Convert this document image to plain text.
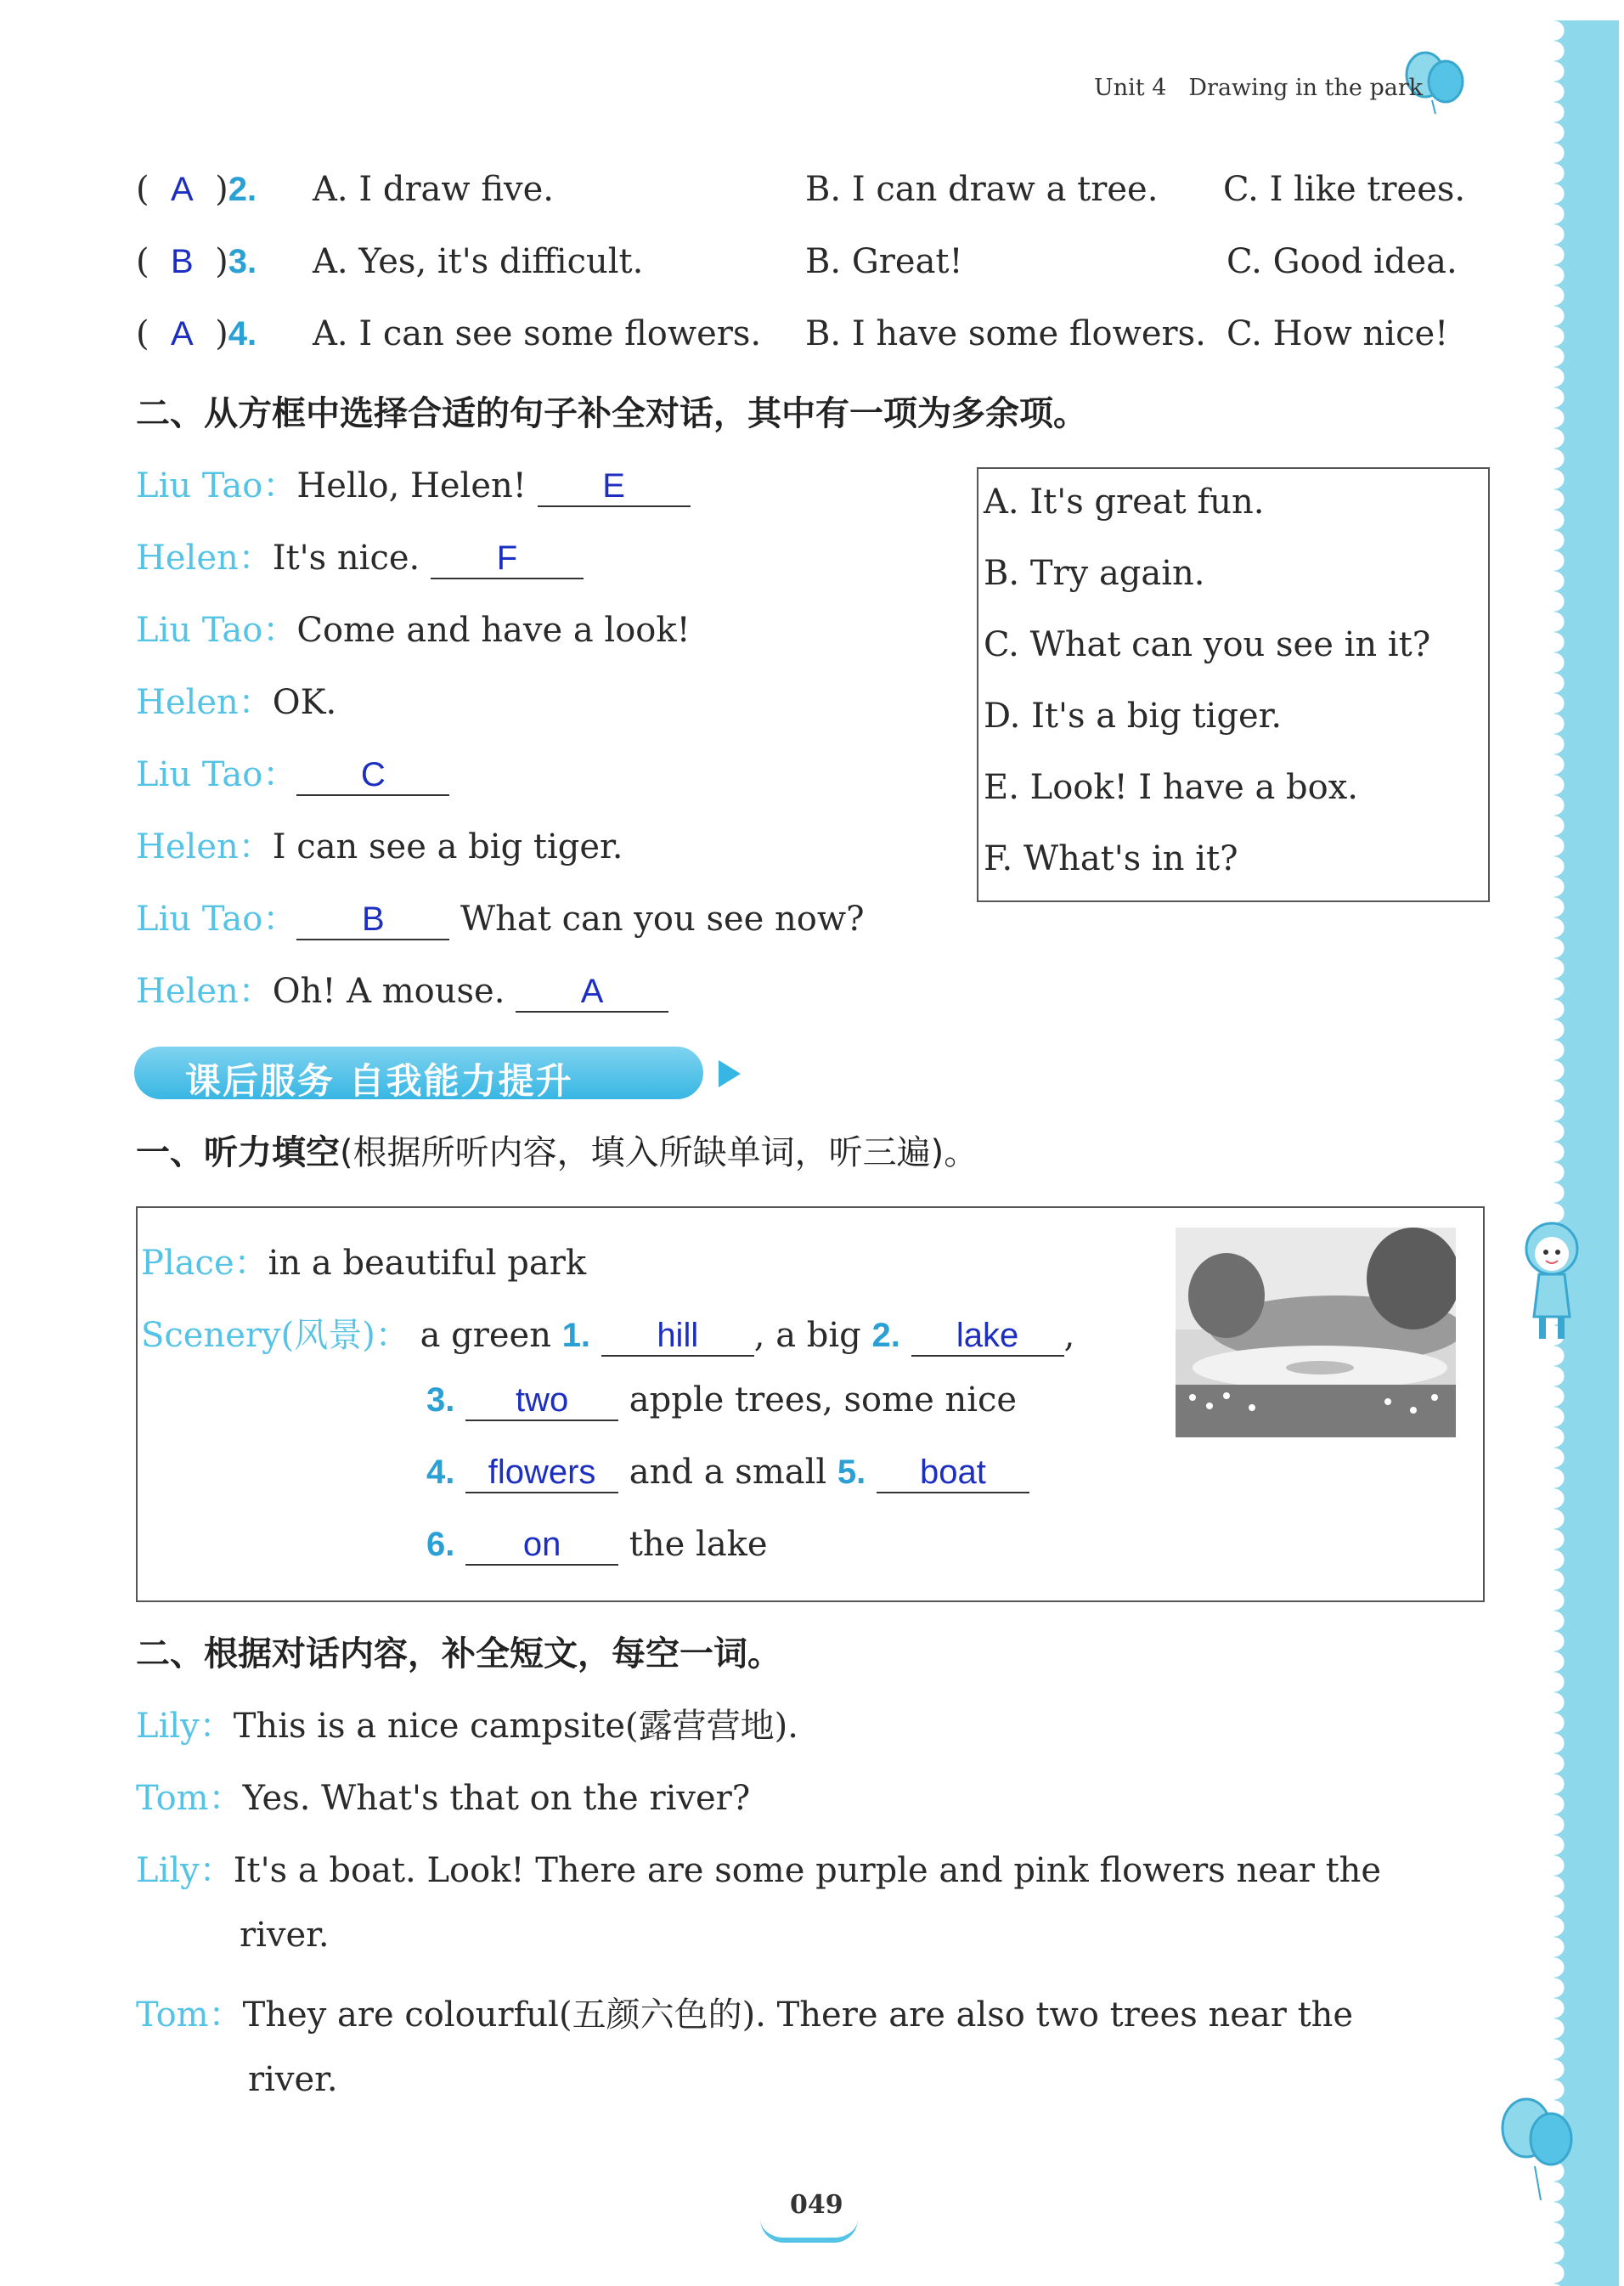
Unit 4 Drawing in the park
(  A  )2. A. I draw five.	B. I can draw a tree. C. I like trees.
(  B  )3. A. Yes, it's difficult.	B. Great!	C. Good idea.
(  A  )4. A. I can see some flowers. B. I have some flowers. C. How nice!
二、从方框中选择合适的句子补全对话，其中有一项为多余项。
Liu Tao：Hello, Helen! E
Helen：It's nice. F
Liu Tao：Come and have a look!
Helen：OK.
Liu Tao： C
Helen：I can see a big tiger.
Liu Tao： B What can you see now?
Helen：Oh! A mouse. A
A. It's great fun.
B. Try again.
C. What can you see in it?
D. It's a big tiger.
E. Look! I have a box.
F. What's in it?
课后服务 自我能力提升
一、听力填空(根据所听内容，填入所缺单词，听三遍)。
Place：in a beautiful park
Scenery(风景)： a green 1. hill , a big 2. lake ,
3. two apple trees, some nice
4. flowers and a small 5. boat
6. on the lake
二、根据对话内容，补全短文，每空一词。
Lily：This is a nice campsite(露营营地).
Tom：Yes. What's that on the river?
Lily：It's a boat. Look! There are some purple and pink flowers near the
river.
Tom：They are colourful(五颜六色的). There are also two trees near the
river.
049
